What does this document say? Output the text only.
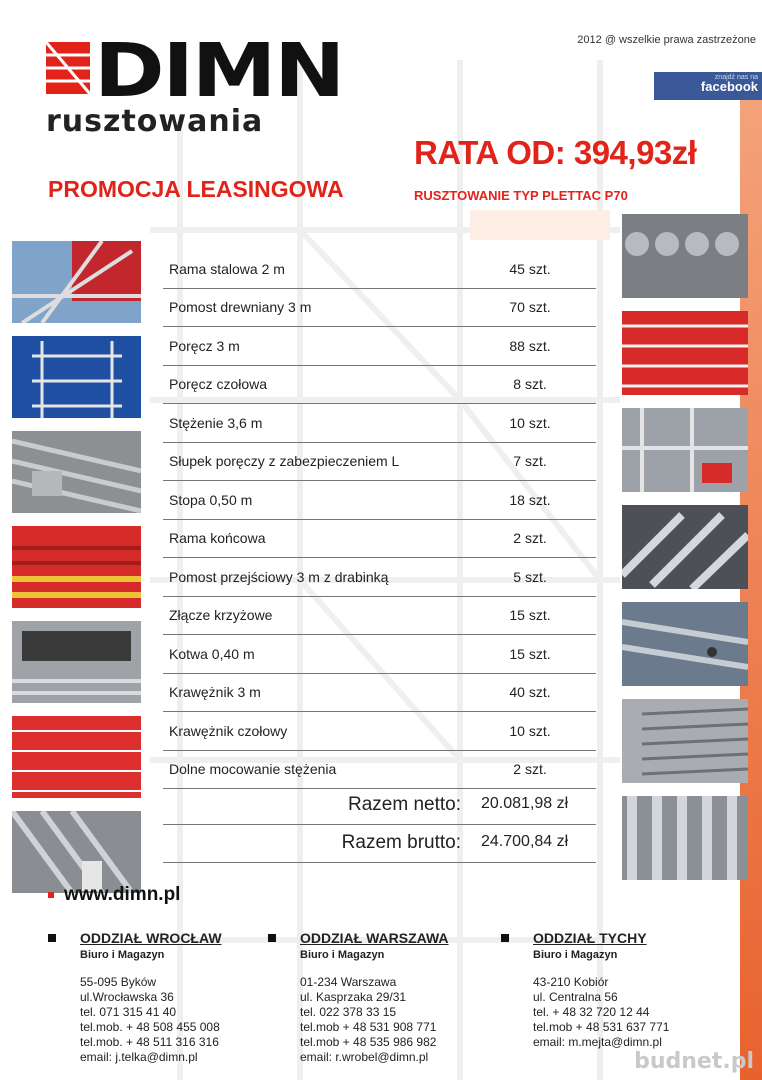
DIMN
rusztowania
2012 @ wszelkie prawa zastrzeżone
znajdź nas na
facebook
RATA OD: 394,93zł
PROMOCJA LEASINGOWA	RUSZTOWANIE TYP PLETTAC P70

Rama stalowa 2 m	45 szt.
Pomost drewniany 3 m	70 szt.
Poręcz 3 m	88 szt.
Poręcz czołowa	8 szt.
Stężenie 3,6 m	10 szt.
Słupek poręczy z zabezpieczeniem L	7 szt.
Stopa 0,50 m	18 szt.
Rama końcowa	2 szt.
Pomost przejściowy 3 m z drabinką	5 szt.
Złącze krzyżowe	15 szt.
Kotwa 0,40 m	15 szt.
Krawężnik 3 m	40 szt.
Krawężnik czołowy	10 szt.
Dolne mocowanie stężenia	2 szt.
Razem netto: 20.081,98 zł
Razem brutto: 24.700,84 zł
www.dimn.pl
ODDZIAŁ WROCŁAW
Biuro i Magazyn
55-095 Byków
ul.Wrocławska 36
tel. 071 315 41 40
tel.mob. + 48 508 455 008
tel.mob. + 48 511 316 316
email: j.telka@dimn.pl
ODDZIAŁ WARSZAWA
Biuro i Magazyn
01-234 Warszawa
ul. Kasprzaka 29/31
tel. 022 378 33 15
tel.mob + 48 531 908 771
tel.mob + 48 535 986 982
email: r.wrobel@dimn.pl
ODDZIAŁ TYCHY
Biuro i Magazyn
43-210 Kobiór
ul. Centralna 56
tel. + 48 32 720 12 44
tel.mob + 48 531 637 771
email: m.mejta@dimn.pl
budnet.pl
